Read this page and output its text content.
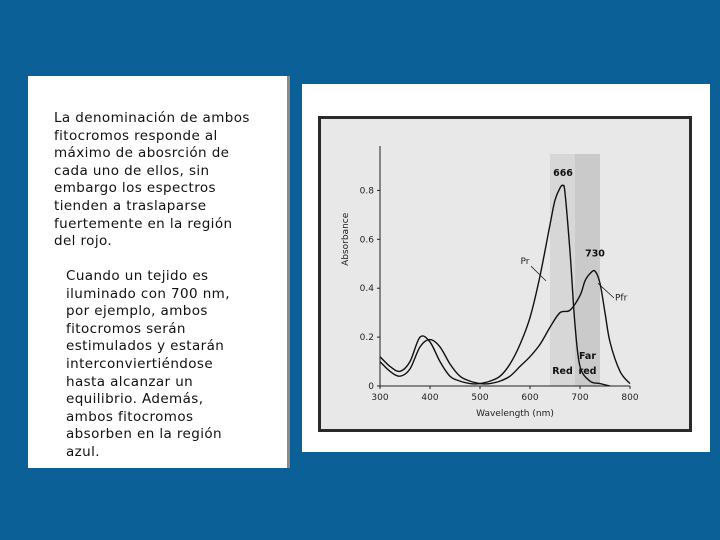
La denominación de ambos
fitocromos responde al
máximo de abosrción de
cada uno de ellos, sin
embargo los espectros
tienden a traslaparse
fuertemente en la región
del rojo.

Cuando un tejido es
iluminado con 700 nm,
por ejemplo, ambos
fitocromos serán
estimulados y estarán
interconviertiéndose
hasta alcanzar un
equilibrio. Además,
ambos fitocromos
absorben en la región
azul.

300	400	500	600	700	800
0
0.2
0.4
0.6
0.8
Wavelength (nm)
Absorbance	Pr
Pfr
666
730
Red
Far
red
